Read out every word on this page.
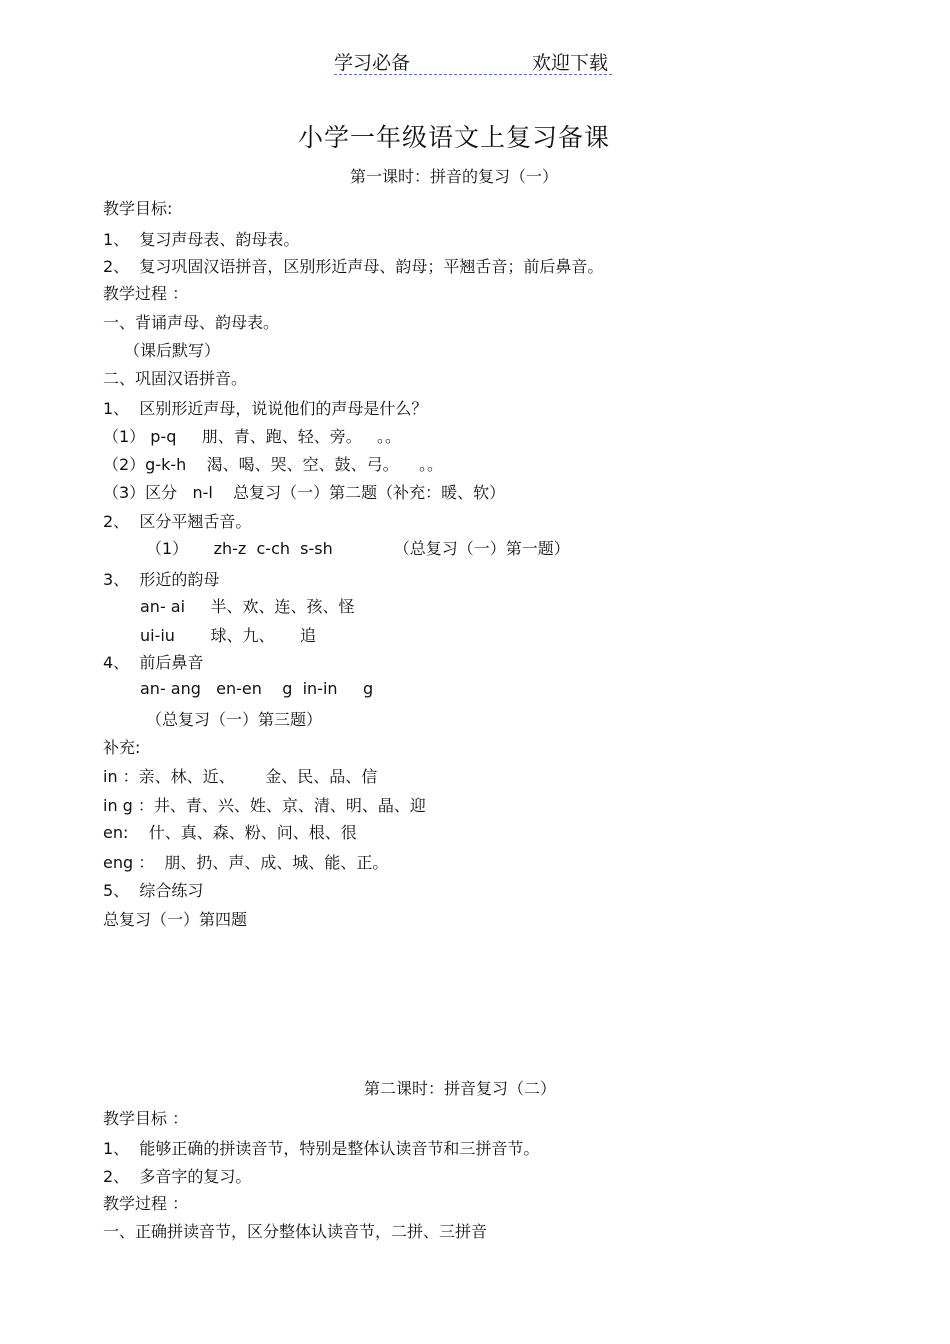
学习必备	欢迎下载
小学一年级语文上复习备课
第一课时：拼音的复习（一）
教学目标:
1、  复习声母表、韵母表。
2、  复习巩固汉语拼音，区别形近声母、韵母；平翘舌音；前后鼻音。
教学过程 ：
一、背诵声母、韵母表。
（课后默写）
二、巩固汉语拼音。
1、  区别形近声母，说说他们的声母是什么？
（1） p-q     朋、青、跑、轻、旁。   。。
（2）g-k-h    渴、喝、哭、空、鼓、弓。    。。
（3）区分   n-l    总复习（一）第二题（补充：暖、软）
2、  区分平翘舌音。
（1）     zh-z  c-ch  s-sh            （总复习（一）第一题）
3、  形近的韵母
an- ai     半、欢、连、孩、怪
ui-iu       球、九、     追
4、  前后鼻音
an- ang   en-en    g  in-in     g
（总复习（一）第三题）
补充:
in ：亲、林、近、      金、民、品、信
in g ：井、青、兴、姓、京、清、明、晶、迎
en:    什、真、森、粉、问、根、很
eng ：  朋、扔、声、成、城、能、正。
5、  综合练习
总复习（一）第四题
第二课时：拼音复习（二）
教学目标 ：
1、  能够正确的拼读音节，特别是整体认读音节和三拼音节。
2、  多音字的复习。
教学过程 ：
一、正确拼读音节，区分整体认读音节，二拼、三拼音
